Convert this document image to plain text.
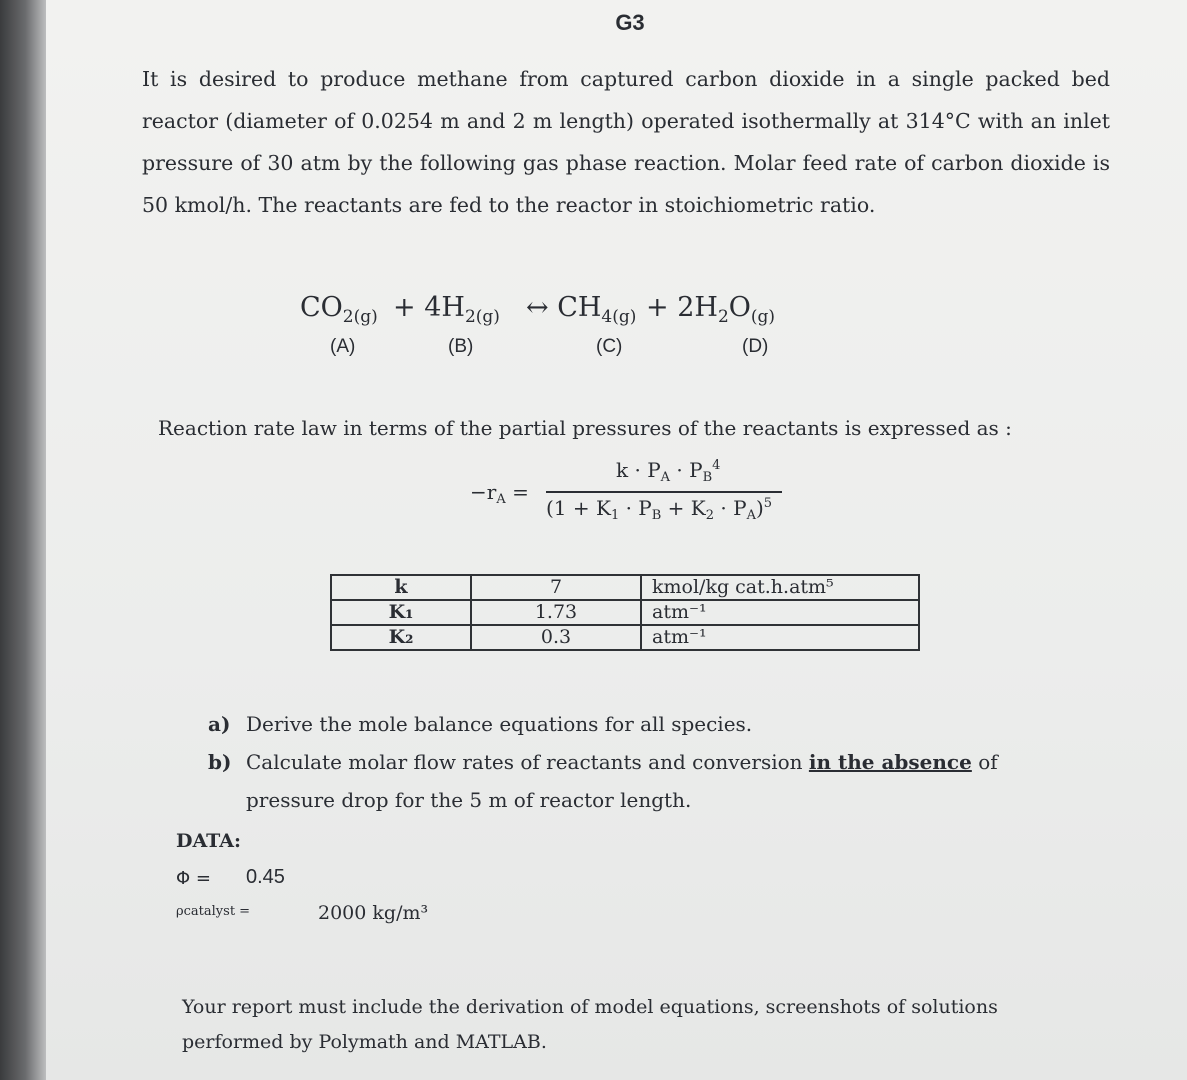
G3
It is desired to produce methane from captured carbon dioxide in a single packed bed reactor (diameter of 0.0254 m and 2 m length) operated isothermally at 314°C with an inlet pressure of 30 atm by the following gas phase reaction. Molar feed rate of carbon dioxide is 50 kmol/h. The reactants are fed to the reactor in stoichiometric ratio.
$CO_{2(g)} + 4H_{2(g)}$ ↔ $CH_{4(g)} + 2H_2O_{(g)}$
(A)	(B)	(C)	(D)
Reaction rate law in terms of the partial pressures of the reactants is expressed as :
$-r_A$ =
$k \cdot P_A \cdot P_B^4$
$(1 + K_1 \cdot P_B + K_2 \cdot P_A)^5$
k	7	kmol/kg cat.h.atm⁵
K₁	1.73	atm⁻¹
K₂	0.3	atm⁻¹
a) Derive the mole balance equations for all species.
b) Calculate molar flow rates of reactants and conversion in the absence of pressure drop for the 5 m of reactor length.
DATA:
Φ = 0.45
ρcatalyst =	2000 kg/m³
Your report must include the derivation of model equations, screenshots of solutions performed by Polymath and MATLAB.
